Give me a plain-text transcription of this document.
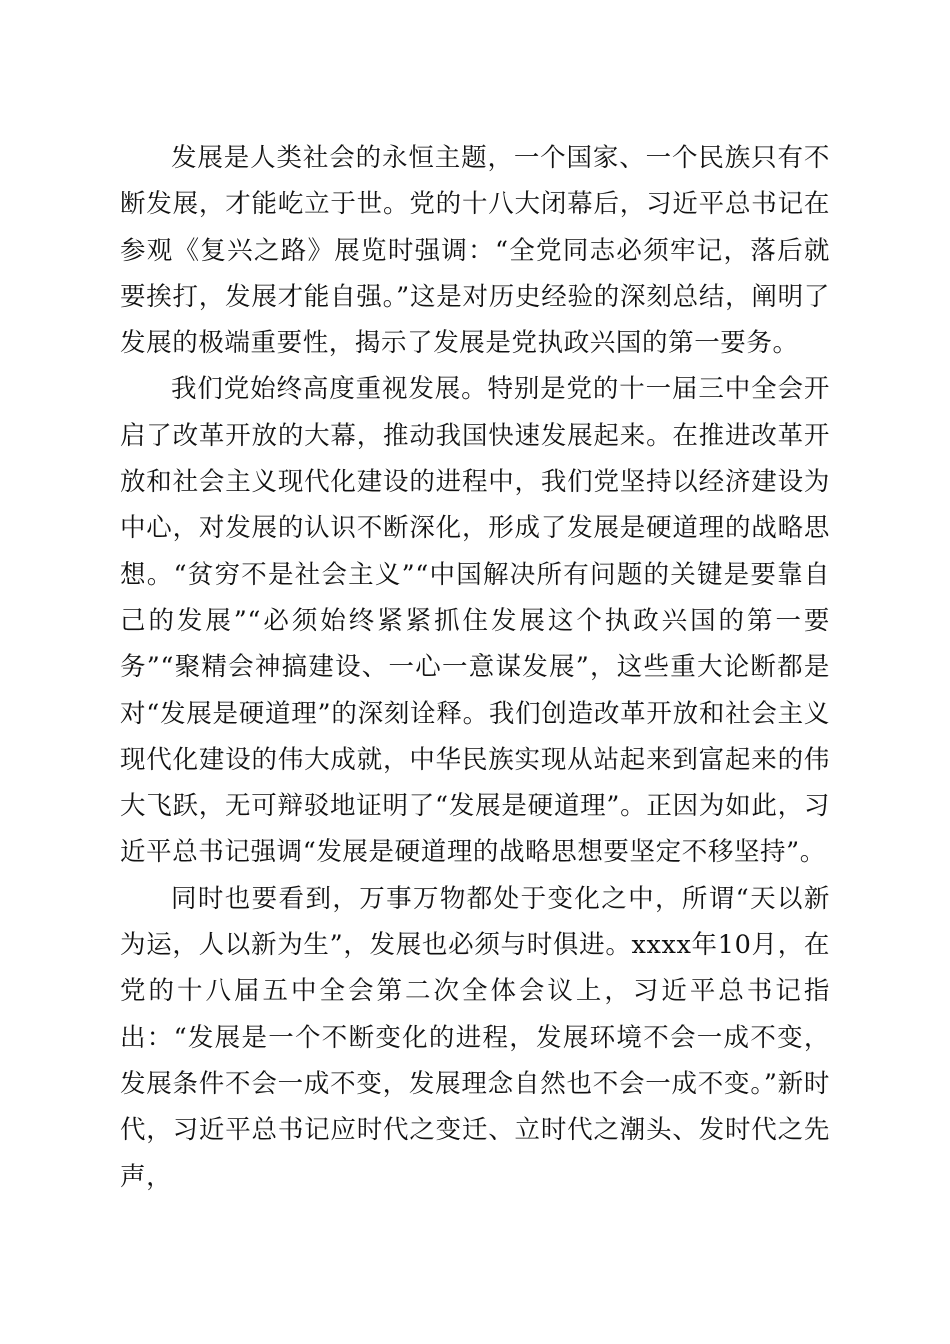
发展是人类社会的永恒主题，一个国家、一个民族只有不断发展，才能屹立于世。党的十八大闭幕后，习近平总书记在参观《复兴之路》展览时强调：“全党同志必须牢记，落后就要挨打，发展才能自强。”这是对历史经验的深刻总结，阐明了发展的极端重要性，揭示了发展是党执政兴国的第一要务。

我们党始终高度重视发展。特别是党的十一届三中全会开启了改革开放的大幕，推动我国快速发展起来。在推进改革开放和社会主义现代化建设的进程中，我们党坚持以经济建设为中心，对发展的认识不断深化，形成了发展是硬道理的战略思想。“贫穷不是社会主义”“中国解决所有问题的关键是要靠自己的发展”“必须始终紧紧抓住发展这个执政兴国的第一要务”“聚精会神搞建设、一心一意谋发展”，这些重大论断都是对“发展是硬道理”的深刻诠释。我们创造改革开放和社会主义现代化建设的伟大成就，中华民族实现从站起来到富起来的伟大飞跃，无可辩驳地证明了“发展是硬道理”。正因为如此，习近平总书记强调“发展是硬道理的战略思想要坚定不移坚持”。

同时也要看到，万事万物都处于变化之中，所谓“天以新为运，人以新为生”，发展也必须与时俱进。xxxx年10月，在党的十八届五中全会第二次全体会议上，习近平总书记指出：“发展是一个不断变化的进程，发展环境不会一成不变，发展条件不会一成不变，发展理念自然也不会一成不变。”新时代，习近平总书记应时代之变迁、立时代之潮头、发时代之先声，
